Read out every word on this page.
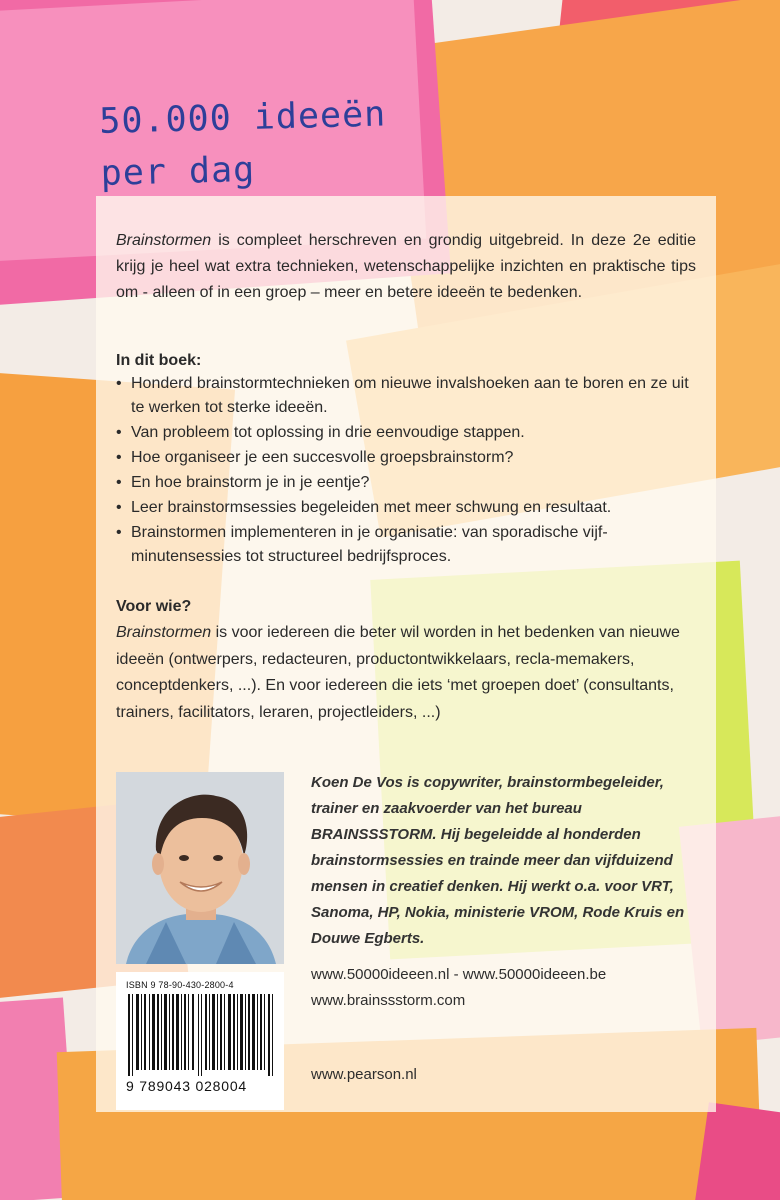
50.000 ideeën
per dag

Brainstormen is compleet herschreven en grondig uitgebreid. In deze 2e editie krijg je heel wat extra technieken, wetenschappelijke inzichten en praktische tips om - alleen of in een groep – meer en betere ideeën te bedenken.

In dit boek:
• Honderd brainstormtechnieken om nieuwe invalshoeken aan te boren en ze uit te werken tot sterke ideeën.
• Van probleem tot oplossing in drie eenvoudige stappen.
• Hoe organiseer je een succesvolle groepsbrainstorm?
• En hoe brainstorm je in je eentje?
• Leer brainstormsessies begeleiden met meer schwung en resultaat.
• Brainstormen implementeren in je organisatie: van sporadische vijf-minutensessies tot structureel bedrijfsproces.
Voor wie?

Brainstormen is voor iedereen die beter wil worden in het bedenken van nieuwe ideeën (ontwerpers, redacteuren, productontwikkelaars, recla-memakers, conceptdenkers, ...). En voor iedereen die iets ‘met groepen doet’ (consultants, trainers, facilitators, leraren, projectleiders, ...)

Koen De Vos is copywriter, brainstormbegeleider, trainer en zaakvoerder van het bureau BRAINSSSTORM. Hij begeleidde al honderden brainstormsessies en trainde meer dan vijfduizend mensen in creatief denken. Hij werkt o.a. voor VRT, Sanoma, HP, Nokia, ministerie VROM, Rode Kruis en Douwe Egberts.

www.50000ideeen.nl - www.50000ideeen.be
www.brainssstorm.com
www.pearson.nl
ISBN 9 78-90-430-2800-4
9 789043 028004
